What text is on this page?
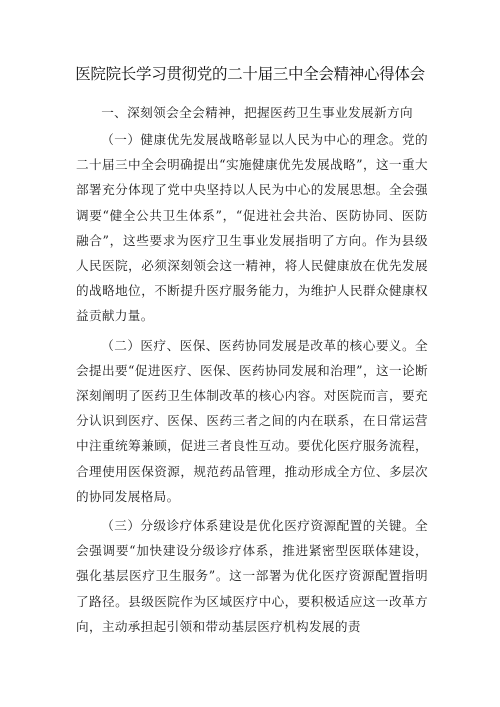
医院院长学习贯彻党的二十届三中全会精神心得体会

一、深刻领会全会精神，把握医药卫生事业发展新方向

（一）健康优先发展战略彰显以人民为中心的理念。党的二十届三中全会明确提出“实施健康优先发展战略”，这一重大部署充分体现了党中央坚持以人民为中心的发展思想。全会强调要“健全公共卫生体系”，“促进社会共治、医防协同、医防融合”，这些要求为医疗卫生事业发展指明了方向。作为县级人民医院，必须深刻领会这一精神，将人民健康放在优先发展的战略地位，不断提升医疗服务能力，为维护人民群众健康权益贡献力量。

（二）医疗、医保、医药协同发展是改革的核心要义。全会提出要“促进医疗、医保、医药协同发展和治理”，这一论断深刻阐明了医药卫生体制改革的核心内容。对医院而言，要充分认识到医疗、医保、医药三者之间的内在联系，在日常运营中注重统筹兼顾，促进三者良性互动。要优化医疗服务流程，合理使用医保资源，规范药品管理，推动形成全方位、多层次的协同发展格局。

（三）分级诊疗体系建设是优化医疗资源配置的关键。全会强调要“加快建设分级诊疗体系，推进紧密型医联体建设，强化基层医疗卫生服务”。这一部署为优化医疗资源配置指明了路径。县级医院作为区域医疗中心，要积极适应这一改革方向，主动承担起引领和带动基层医疗机构发展的责
